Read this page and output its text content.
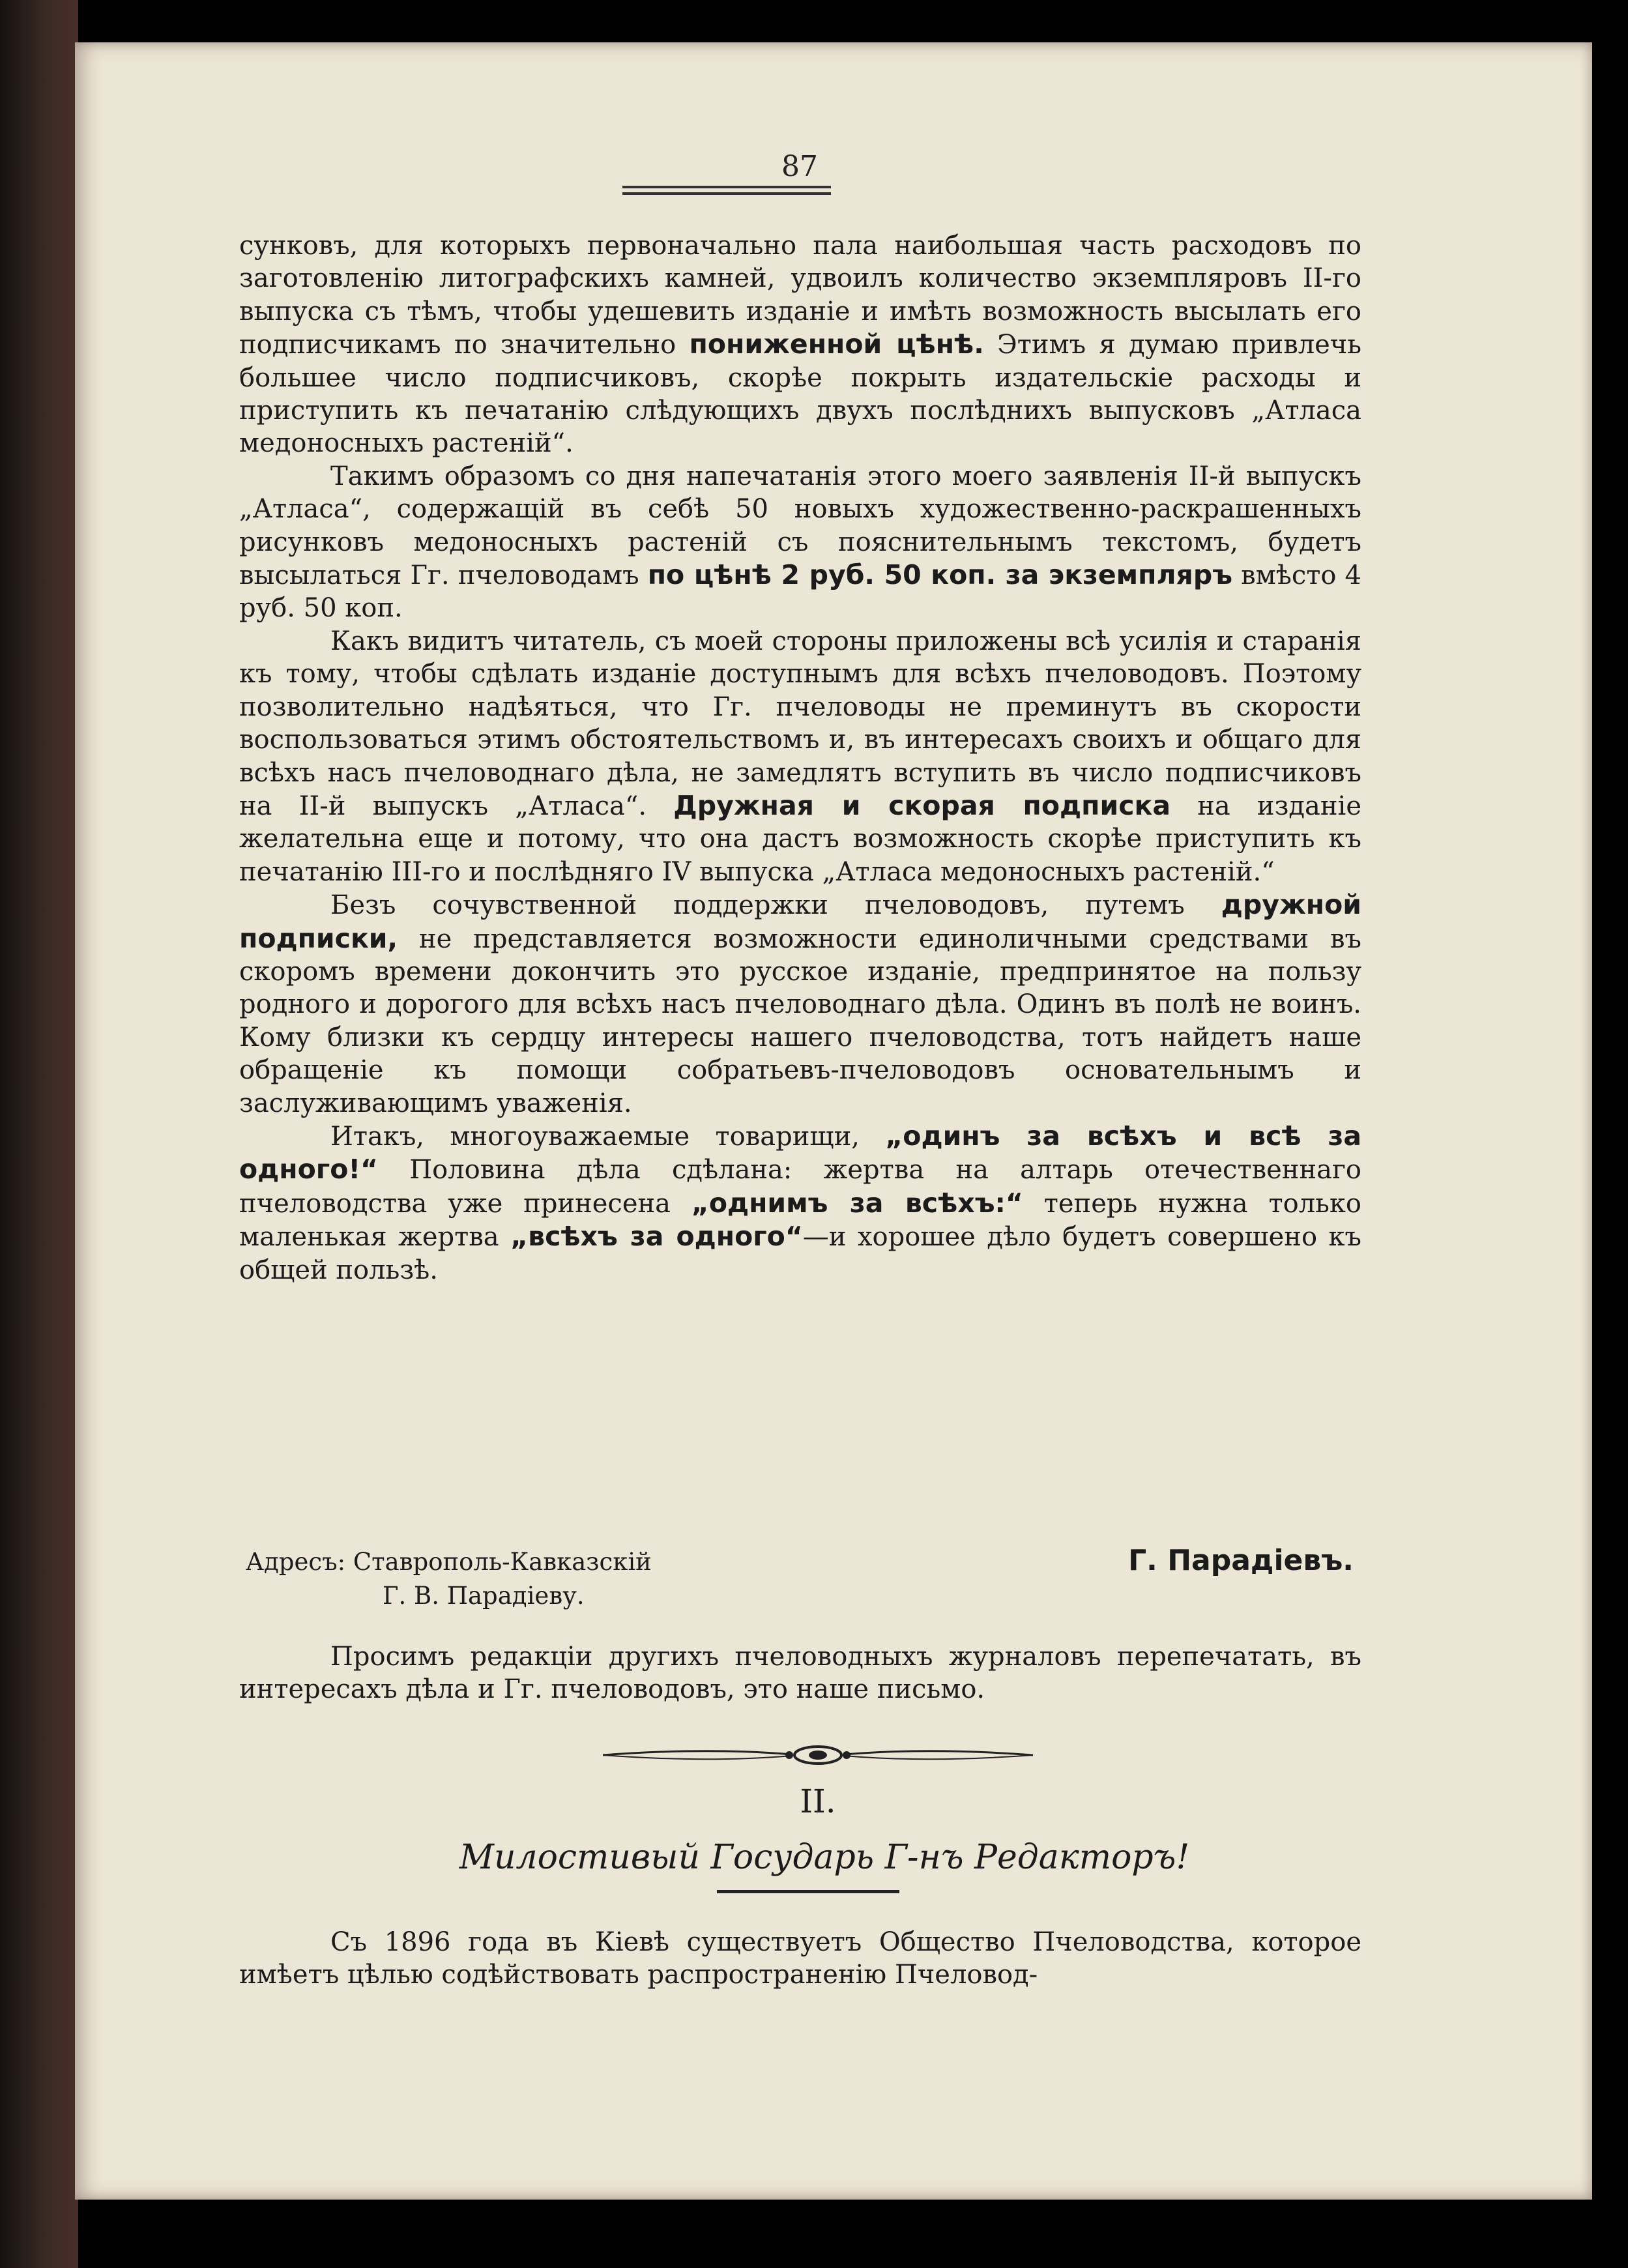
87

сунковъ, для которыхъ первоначально пала наибольшая часть расходовъ по заготовленію литографскихъ камней, удвоилъ количество экземпляровъ II-го выпуска съ тѣмъ, чтобы удешевить изданіе и имѣть возможность высылать его подписчикамъ по значительно пониженной цѣнѣ. Этимъ я думаю привлечь большее число подписчиковъ, скорѣе покрыть издательскіе расходы и приступить къ печатанію слѣдующихъ двухъ послѣднихъ выпусковъ „Атласа медоносныхъ растеній“.

Такимъ образомъ со дня напечатанія этого моего заявленія II-й выпускъ „Атласа“, содержащій въ себѣ 50 новыхъ художественно-раскрашенныхъ рисунковъ медоносныхъ растеній съ пояснительнымъ текстомъ, будетъ высылаться Гг. пчеловодамъ по цѣнѣ 2 руб. 50 коп. за экземпляръ вмѣсто 4 руб. 50 коп.

Какъ видитъ читатель, съ моей стороны приложены всѣ усилія и старанія къ тому, чтобы сдѣлать изданіе доступнымъ для всѣхъ пчеловодовъ. Поэтому позволительно надѣяться, что Гг. пчеловоды не преминутъ въ скорости воспользоваться этимъ обстоятельствомъ и, въ интересахъ своихъ и общаго для всѣхъ насъ пчеловоднаго дѣла, не замедлятъ вступить въ число подписчиковъ на II-й выпускъ „Атласа“. Дружная и скорая подписка на изданіе желательна еще и потому, что она дастъ возможность скорѣе приступить къ печатанію III-го и послѣдняго IV выпуска „Атласа медоносныхъ растеній.“

Безъ сочувственной поддержки пчеловодовъ, путемъ дружной подписки, не представляется возможности единоличными средствами въ скоромъ времени докончить это русское изданіе, предпринятое на пользу родного и дорогого для всѣхъ насъ пчеловоднаго дѣла. Одинъ въ полѣ не воинъ. Кому близки къ сердцу интересы нашего пчеловодства, тотъ найдетъ наше обращеніе къ помощи собратьевъ-пчеловодовъ основательнымъ и заслуживающимъ уваженія.

Итакъ, многоуважаемые товарищи, „одинъ за всѣхъ и всѣ за одного!“ Половина дѣла сдѣлана: жертва на алтарь отечественнаго пчеловодства уже принесена „однимъ за всѣхъ:“ теперь нужна только маленькая жертва „всѣхъ за одного“—и хорошее дѣло будетъ совершено къ общей пользѣ.

Адресъ: Ставрополь-Кавказскій
Г. В. Парадіеву.
Г. Парадіевъ.

Просимъ редакціи другихъ пчеловодныхъ журналовъ перепечатать, въ интересахъ дѣла и Гг. пчеловодовъ, это наше письмо.

II.
Милостивый Государь Г-нъ Редакторъ!

Съ 1896 года въ Кіевѣ существуетъ Общество Пчеловодства, которое имѣетъ цѣлью содѣйствовать распространенію Пчеловод-
